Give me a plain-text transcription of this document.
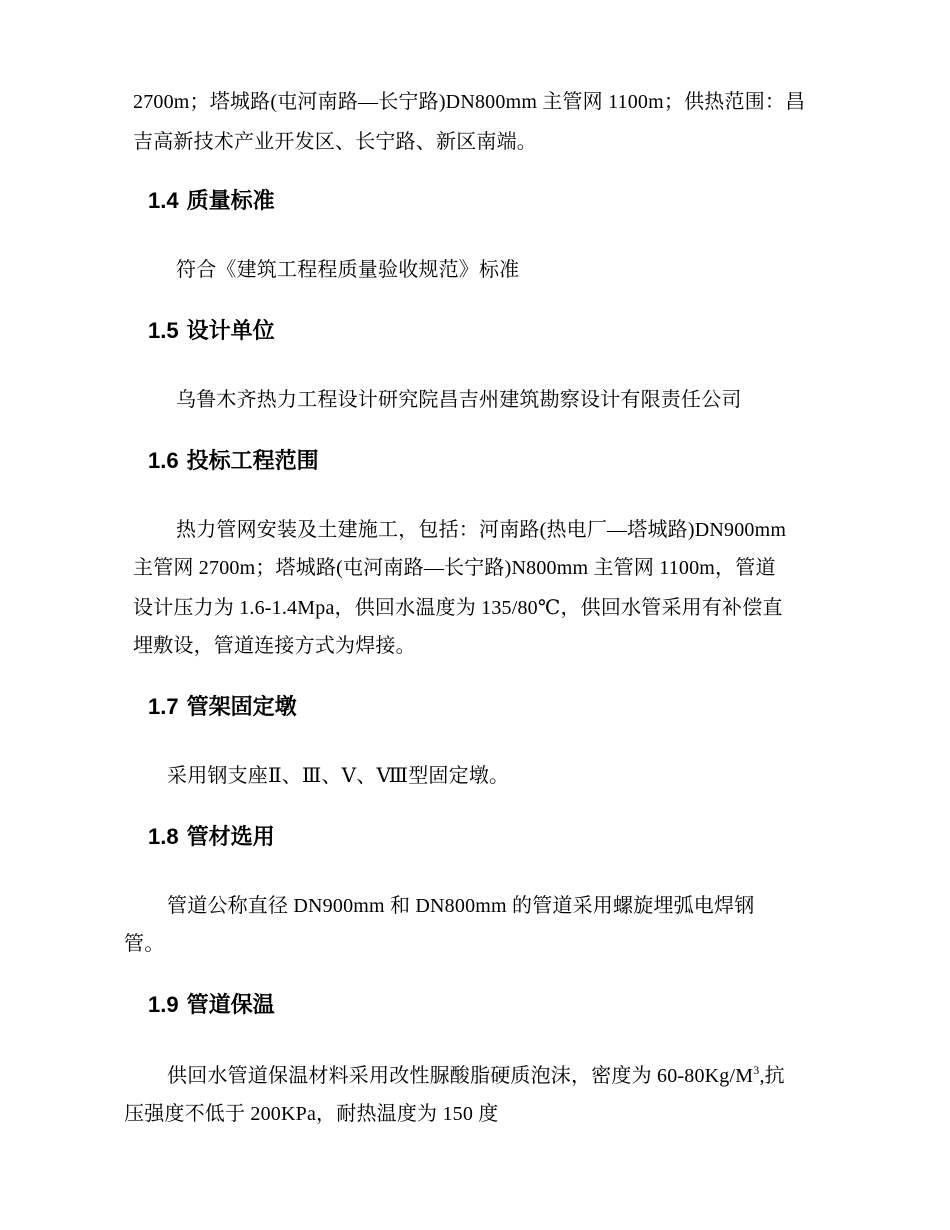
2700m；塔城路(屯河南路—长宁路)DN800mm 主管网 1100m；供热范围：昌
吉高新技术产业开发区、长宁路、新区南端。
1.4 质量标准
符合《建筑工程程质量验收规范》标准
1.5 设计单位
乌鲁木齐热力工程设计研究院昌吉州建筑勘察设计有限责任公司
1.6 投标工程范围
热力管网安装及土建施工，包括：河南路(热电厂—塔城路)DN900mm
主管网 2700m；塔城路(屯河南路—长宁路)N800mm 主管网 1100m，管道
设计压力为 1.6-1.4Mpa，供回水温度为 135/80℃，供回水管采用有补偿直
埋敷设，管道连接方式为焊接。
1.7 管架固定墩
采用钢支座Ⅱ、Ⅲ、Ⅴ、Ⅷ型固定墩。
1.8 管材选用
管道公称直径 DN900mm 和 DN800mm 的管道采用螺旋埋弧电焊钢
管。
1.9 管道保温
供回水管道保温材料采用改性脲酸脂硬质泡沫，密度为 $60-80Kg/M^3$,抗
压强度不低于 200KPa，耐热温度为 150 度
